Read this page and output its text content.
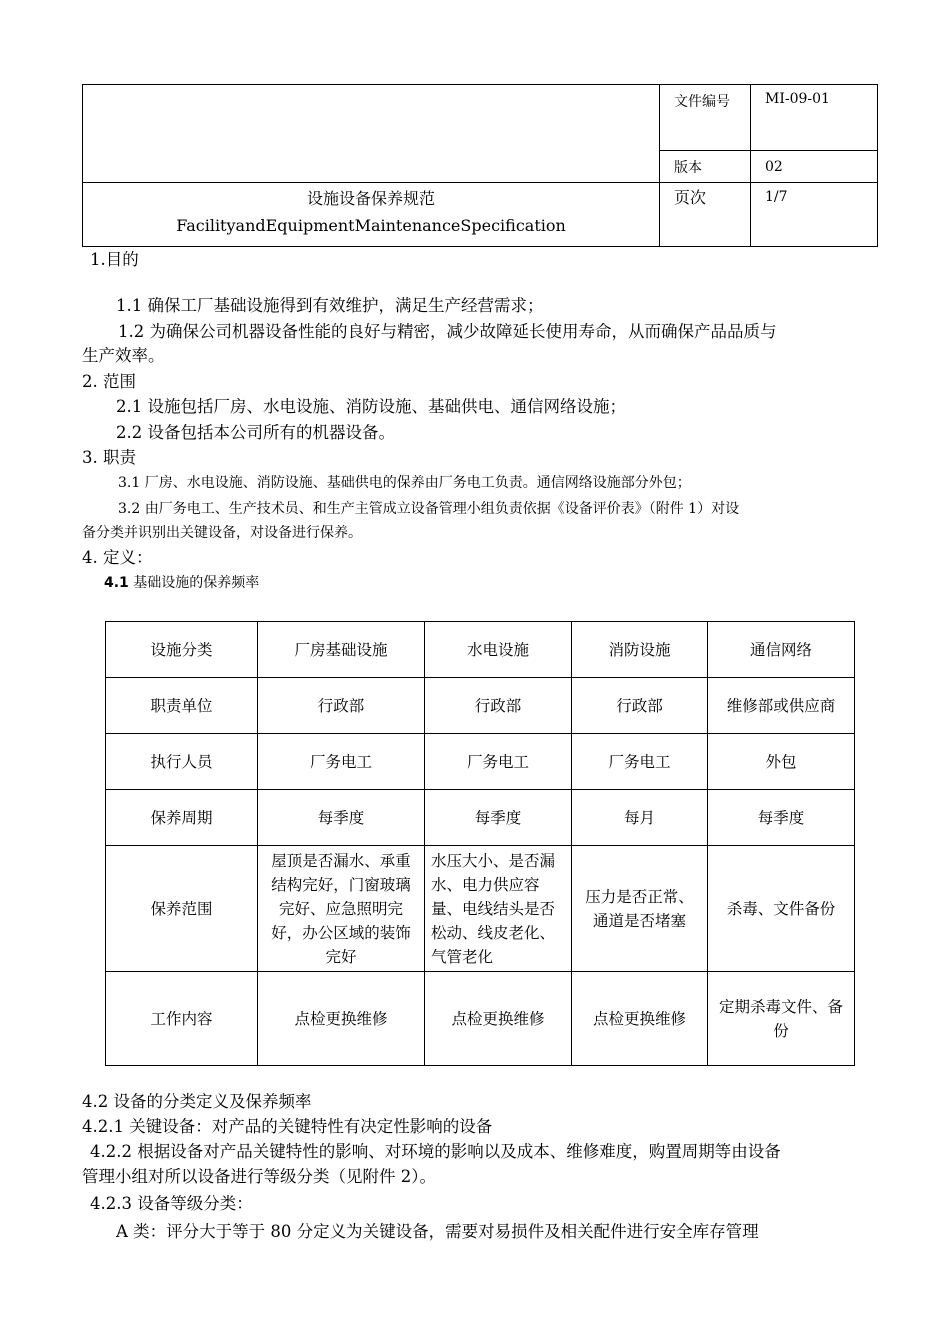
	文件编号	MI-09-01
	版本	02

设施设备保养规范
FacilityandEquipmentMaintenanceSpecification	页次	1/7
1.目的
1.1 确保工厂基础设施得到有效维护，满足生产经营需求；
1.2 为确保公司机器设备性能的良好与精密，减少故障延长使用寿命，从而确保产品品质与
生产效率。
2. 范围
2.1 设施包括厂房、水电设施、消防设施、基础供电、通信网络设施；
2.2 设备包括本公司所有的机器设备。
3. 职责
3.1 厂房、水电设施、消防设施、基础供电的保养由厂务电工负责。通信网络设施部分外包；
3.2 由厂务电工、生产技术员、和生产主管成立设备管理小组负责依据《设备评价表》（附件 1）对设
备分类并识别出关键设备，对设备进行保养。
4. 定义：
4.1 基础设施的保养频率
设施分类	厂房基础设施	水电设施	消防设施	通信网络
职责单位	行政部	行政部	行政部	维修部或供应商
执行人员	厂务电工	厂务电工	厂务电工	外包
保养周期	每季度	每季度	每月	每季度
保养范围	屋顶是否漏水、承重结构完好，门窗玻璃完好、应急照明完好，办公区域的装饰完好	水压大小、是否漏水、电力供应容量、电线结头是否松动、线皮老化、气管老化	压力是否正常、通道是否堵塞	杀毒、文件备份
工作内容	点检更换维修	点检更换维修	点检更换维修	定期杀毒文件、备份
4.2 设备的分类定义及保养频率
4.2.1 关键设备：对产品的关键特性有决定性影响的设备
4.2.2 根据设备对产品关键特性的影响、对环境的影响以及成本、维修难度，购置周期等由设备
管理小组对所以设备进行等级分类（见附件 2）。
4.2.3 设备等级分类：
A 类：评分大于等于 80 分定义为关键设备，需要对易损件及相关配件进行安全库存管理
